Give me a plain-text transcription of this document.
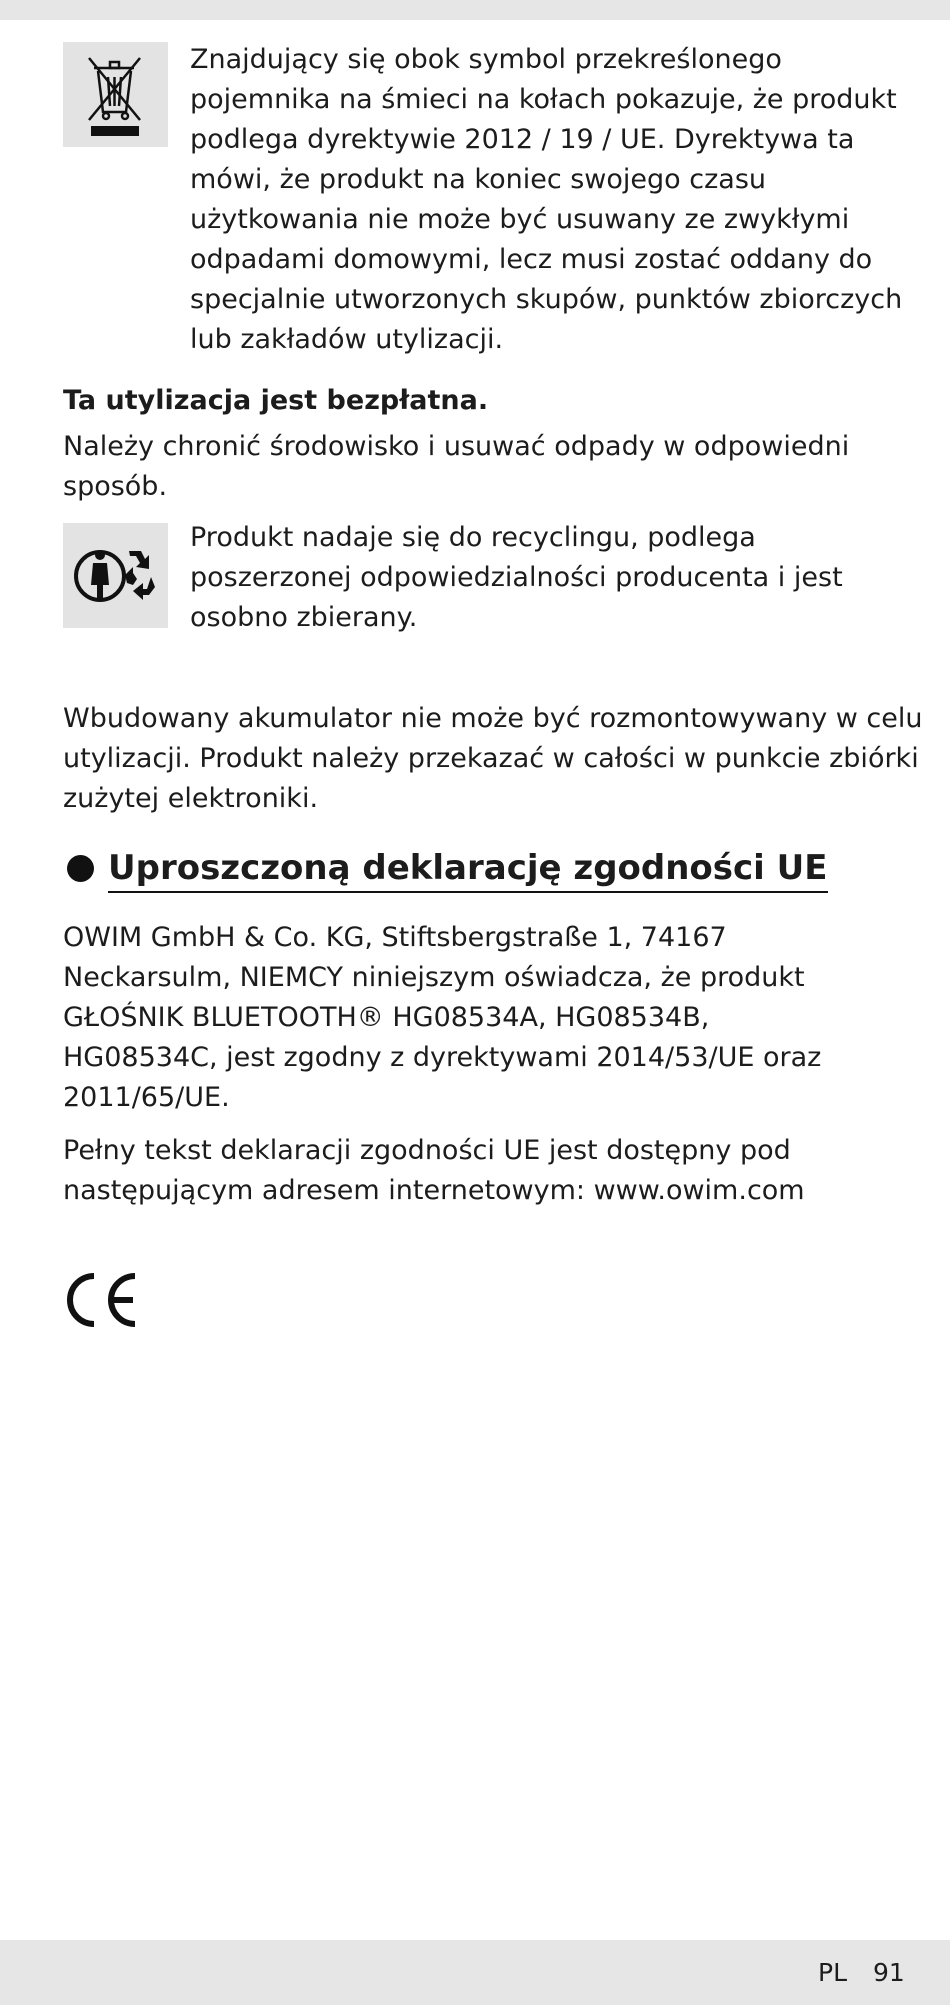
Znajdujący się obok symbol przekreślonego

pojemnika na śmieci na kołach pokazuje, że produkt

podlega dyrektywie 2012 / 19 / UE. Dyrektywa ta

mówi, że produkt na koniec swojego czasu

użytkowania nie może być usuwany ze zwykłymi

odpadami domowymi, lecz musi zostać oddany do

specjalnie utworzonych skupów, punktów zbiorczych

lub zakładów utylizacji.

Ta utylizacja jest bezpłatna.

Należy chronić środowisko i usuwać odpady w odpowiedni

sposób.

Produkt nadaje się do recyclingu, podlega

poszerzonej odpowiedzialności producenta i jest

osobno zbierany.

Wbudowany akumulator nie może być rozmontowywany w celu

utylizacji. Produkt należy przekazać w całości w punkcie zbiórki

zużytej elektroniki.

Uproszczoną deklarację zgodności UE

OWIM GmbH & Co. KG, Stiftsbergstraße 1, 74167

Neckarsulm, NIEMCY niniejszym oświadcza, że produkt

GŁOŚNIK BLUETOOTH® HG08534A, HG08534B,

HG08534C, jest zgodny z dyrektywami 2014/53/UE oraz

2011/65/UE.

Pełny tekst deklaracji zgodności UE jest dostępny pod

następującym adresem internetowym: www.owim.com

PL 91
